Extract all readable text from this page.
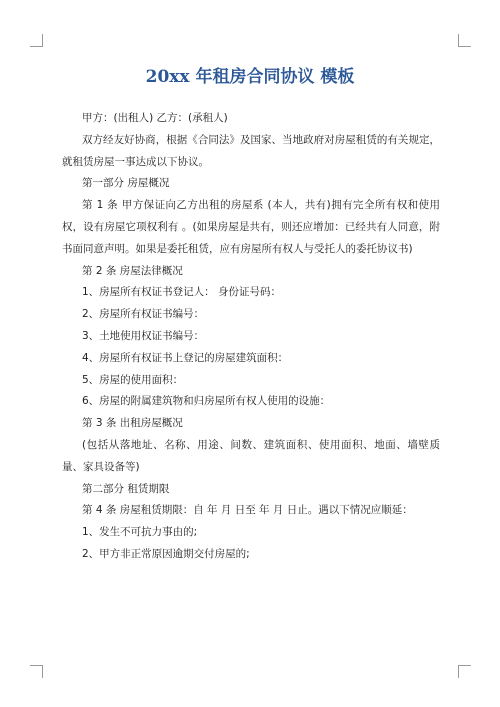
20xx 年租房合同协议 模板

甲方：(出租人) 乙方：(承租人)

双方经友好协商，根据《合同法》及国家、当地政府对房屋租赁的有关规定，就租赁房屋一事达成以下协议。

第一部分 房屋概况

第 1 条 甲方保证向乙方出租的房屋系 (本人，共有)拥有完全所有权和使用权，设有房屋它项权利有 。(如果房屋是共有，则还应增加：已经共有人同意，附书面同意声明。如果是委托租赁，应有房屋所有权人与受托人的委托协议书)

第 2 条 房屋法律概况

1、房屋所有权证书登记人： 身份证号码：

2、房屋所有权证书编号：

3、土地使用权证书编号：

4、房屋所有权证书上登记的房屋建筑面积：

5、房屋的使用面积：

6、房屋的附属建筑物和归房屋所有权人使用的设施：

第 3 条 出租房屋概况

(包括从落地址、名称、用途、间数、建筑面积、使用面积、地面、墙壁质量、家具设备等)

第二部分 租赁期限

第 4 条 房屋租赁期限：自 年 月 日至 年 月 日止。遇以下情况应顺延：

1、发生不可抗力事由的;

2、甲方非正常原因逾期交付房屋的;
